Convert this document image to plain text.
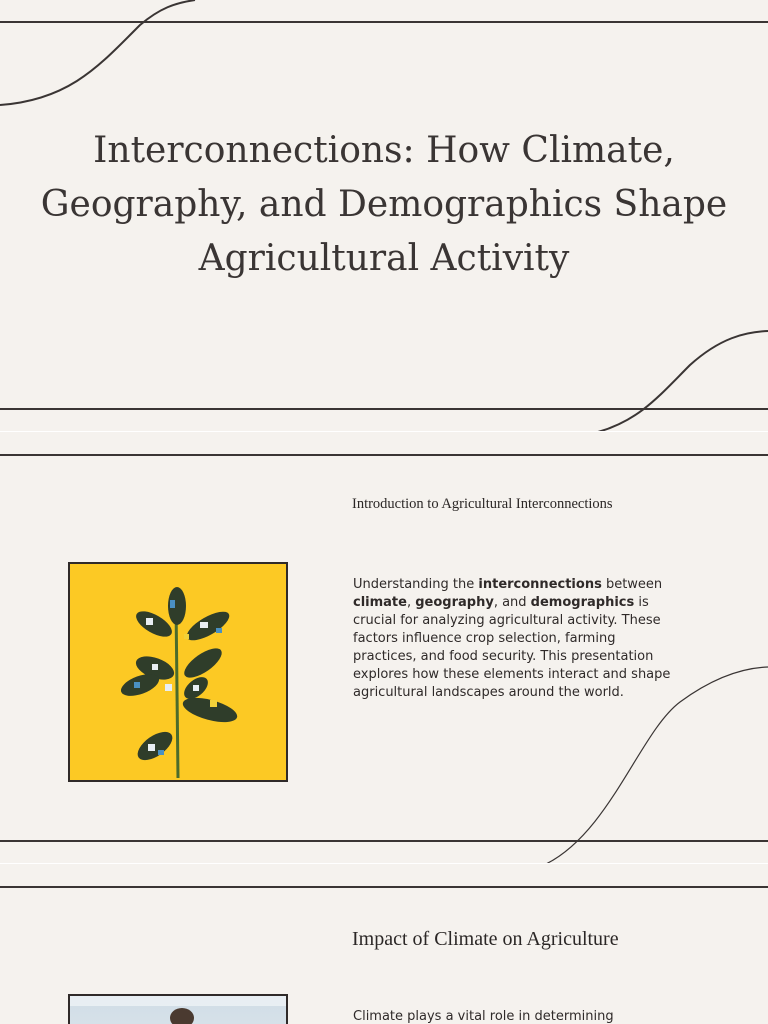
Interconnections: How Climate, Geography, and Demographics Shape Agricultural Activity
Introduction to Agricultural Interconnections

Understanding the interconnections between climate, geography, and demographics is crucial for analyzing agricultural activity. These factors influence crop selection, farming practices, and food security. This presentation explores how these elements interact and shape agricultural landscapes around the world.

Impact of Climate on Agriculture

Climate plays a vital role in determining
